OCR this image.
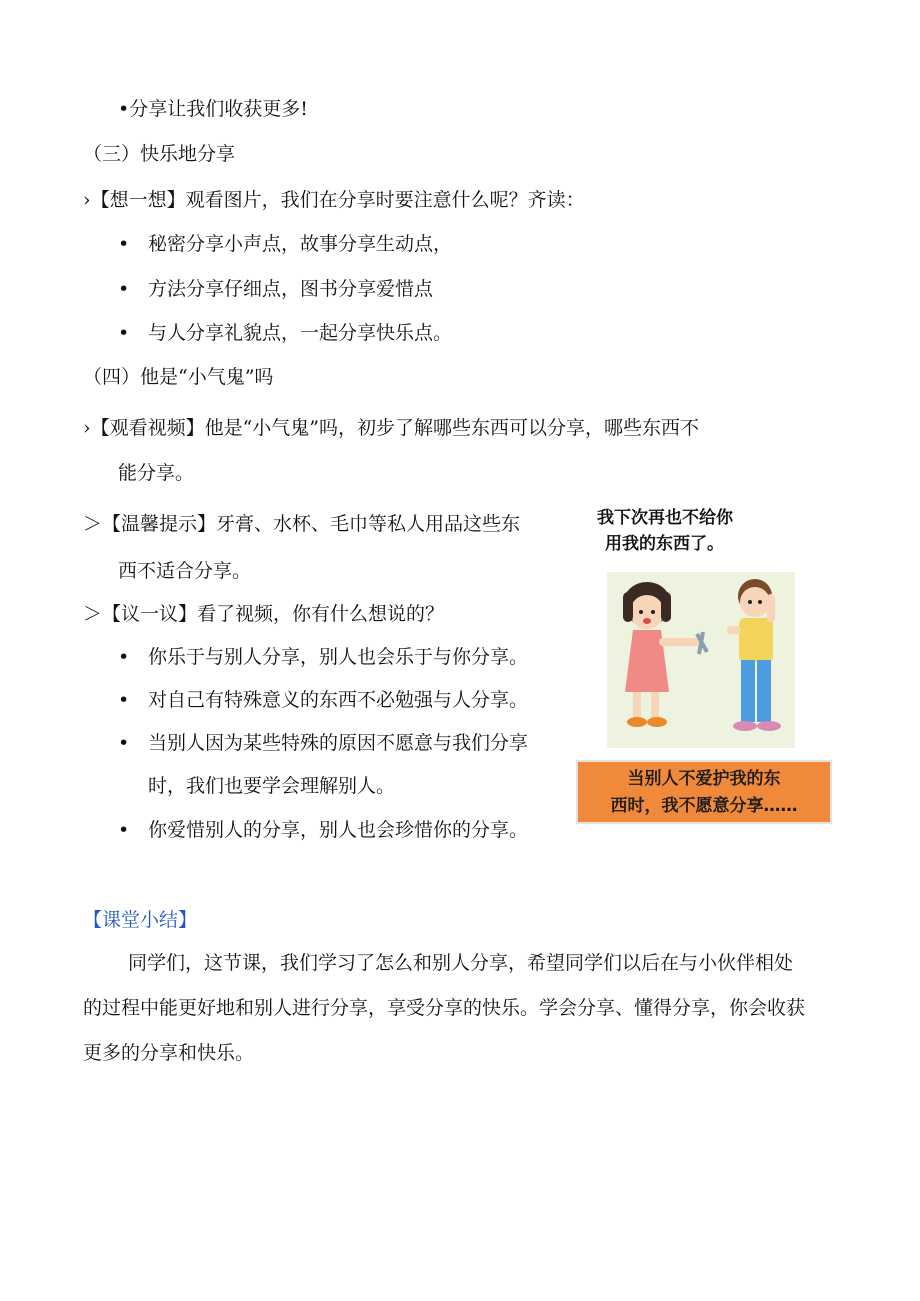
•分享让我们收获更多!
（三）快乐地分享
›【想一想】观看图片，我们在分享时要注意什么呢？齐读：
• 秘密分享小声点，故事分享生动点，
• 方法分享仔细点，图书分享爱惜点
• 与人分享礼貌点，一起分享快乐点。
（四）他是“小气鬼”吗
›【观看视频】他是“小气鬼”吗，初步了解哪些东西可以分享，哪些东西不
能分享。
＞【温馨提示】牙膏、水杯、毛巾等私人用品这些东
西不适合分享。
＞【议一议】看了视频，你有什么想说的？
• 你乐于与别人分享，别人也会乐于与你分享。
• 对自己有特殊意义的东西不必勉强与人分享。
• 当别人因为某些特殊的原因不愿意与我们分享
时，我们也要学会理解别人。
• 你爱惜别人的分享，别人也会珍惜你的分享。
我下次再也不给你
用我的东西了。
当别人不爱护我的东
西时，我不愿意分享……
【课堂小结】
同学们，这节课，我们学习了怎么和别人分享，希望同学们以后在与小伙伴相处
的过程中能更好地和别人进行分享，享受分享的快乐。学会分享、懂得分享，你会收获
更多的分享和快乐。
